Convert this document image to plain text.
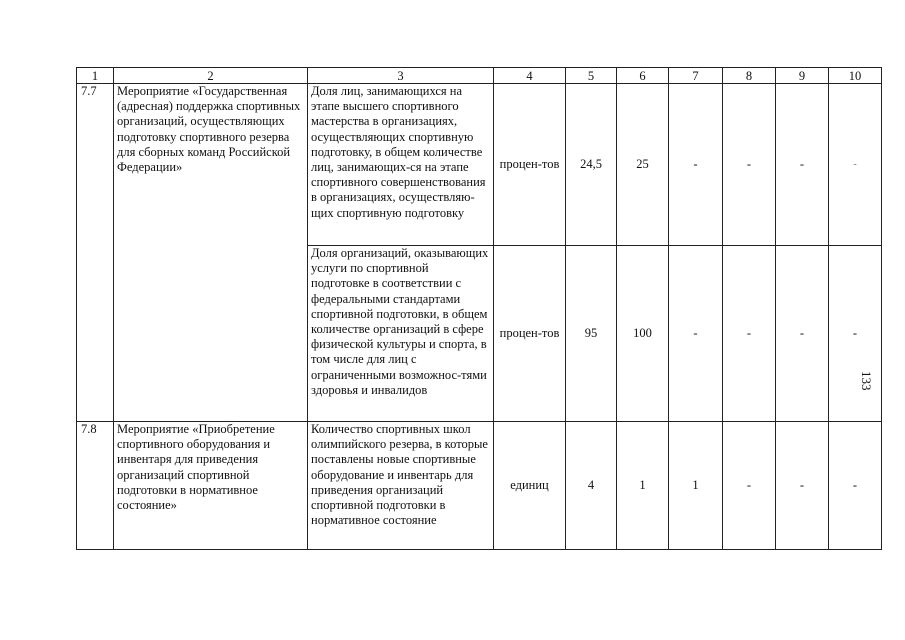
1	2	3	4	5	6	7	8	9	10
7.7	Мероприятие «Государственная (адресная) поддержка спортивных организаций, осуществляющих подготовку спортивного резерва для сборных команд Российской Федерации»	Доля лиц, занимающихся на этапе высшего спортивного мастерства в организациях, осуществляющих спортивную подготовку, в общем количестве лиц, занимающих-ся на этапе спортивного совершенствования в организациях, осуществляю-щих спортивную подготовку	процен-тов	24,5	25	-	-	-	-
		Доля организаций, оказывающих услуги по спортивной подготовке в соответствии с федеральными стандартами спортивной подготовки, в общем количестве организаций в сфере физической культуры и спорта, в том числе для лиц с ограниченными возможнос-тями здоровья и инвалидов	процен-тов	95	100	-	-	-	-
7.8	Мероприятие «Приобретение спортивного оборудования и инвентаря для приведения организаций спортивной подготовки в нормативное состояние»	Количество спортивных школ олимпийского резерва, в которые поставлены новые спортивные оборудование и инвентарь для приведения организаций спортивной подготовки в нормативное состояние	единиц	4	1	1	-	-	-
133
